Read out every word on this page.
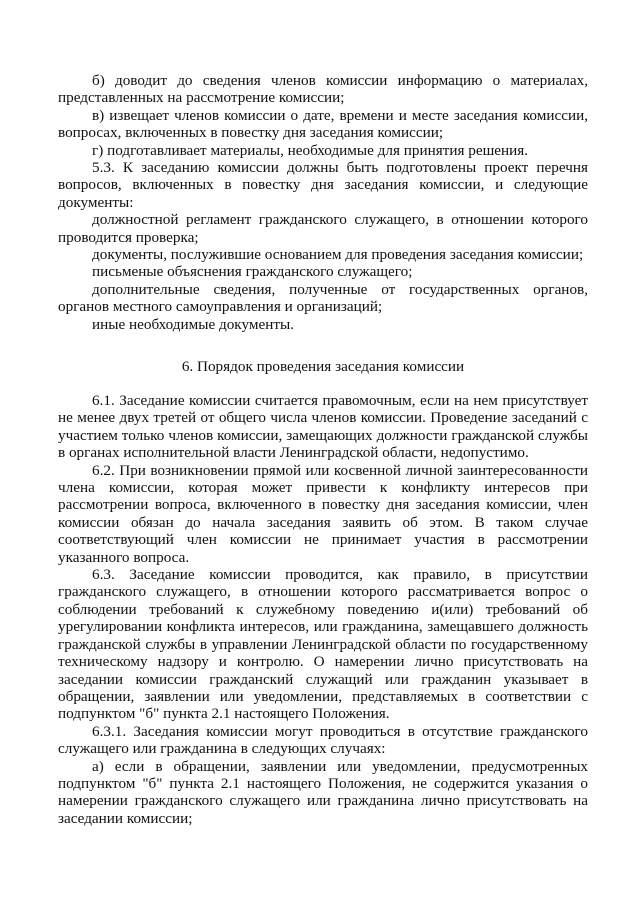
б) доводит до сведения членов комиссии информацию о материалах, представленных на рассмотрение комиссии;

в) извещает членов комиссии о дате, времени и месте заседания комиссии, вопросах, включенных в повестку дня заседания комиссии;

г) подготавливает материалы, необходимые для принятия решения.

5.3. К заседанию комиссии должны быть подготовлены проект перечня вопросов, включенных в повестку дня заседания комиссии, и следующие документы:

должностной регламент гражданского служащего, в отношении которого проводится проверка;

документы, послужившие основанием для проведения заседания комиссии;

письменые объяснения гражданского служащего;

дополнительные сведения, полученные от государственных органов, органов местного самоуправления и организаций;

иные необходимые документы.

6. Порядок проведения заседания комиссии

6.1. Заседание комиссии считается правомочным, если на нем присутствует не менее двух третей от общего числа членов комиссии. Проведение заседаний с участием только членов комиссии, замещающих должности гражданской службы в органах исполнительной власти Ленинградской области, недопустимо.

6.2. При возникновении прямой или косвенной личной заинтересованности члена комиссии, которая может привести к конфликту интересов при рассмотрении вопроса, включенного в повестку дня заседания комиссии, член комиссии обязан до начала заседания заявить об этом. В таком случае соответствующий член комиссии не принимает участия в рассмотрении указанного вопроса.

6.3. Заседание комиссии проводится, как правило, в присутствии гражданского служащего, в отношении которого рассматривается вопрос о соблюдении требований к служебному поведению и(или) требований об урегулировании конфликта интересов, или гражданина, замещавшего должность гражданской службы в управлении Ленинградской области по государственному техническому надзору и контролю. О намерении лично присутствовать на заседании комиссии гражданский служащий или гражданин указывает в обращении, заявлении или уведомлении, представляемых в соответствии с подпунктом "б" пункта 2.1 настоящего Положения.

6.3.1. Заседания комиссии могут проводиться в отсутствие гражданского служащего или гражданина в следующих случаях:

а) если в обращении, заявлении или уведомлении, предусмотренных подпунктом "б" пункта 2.1 настоящего Положения, не содержится указания о намерении гражданского служащего или гражданина лично присутствовать на заседании комиссии;
